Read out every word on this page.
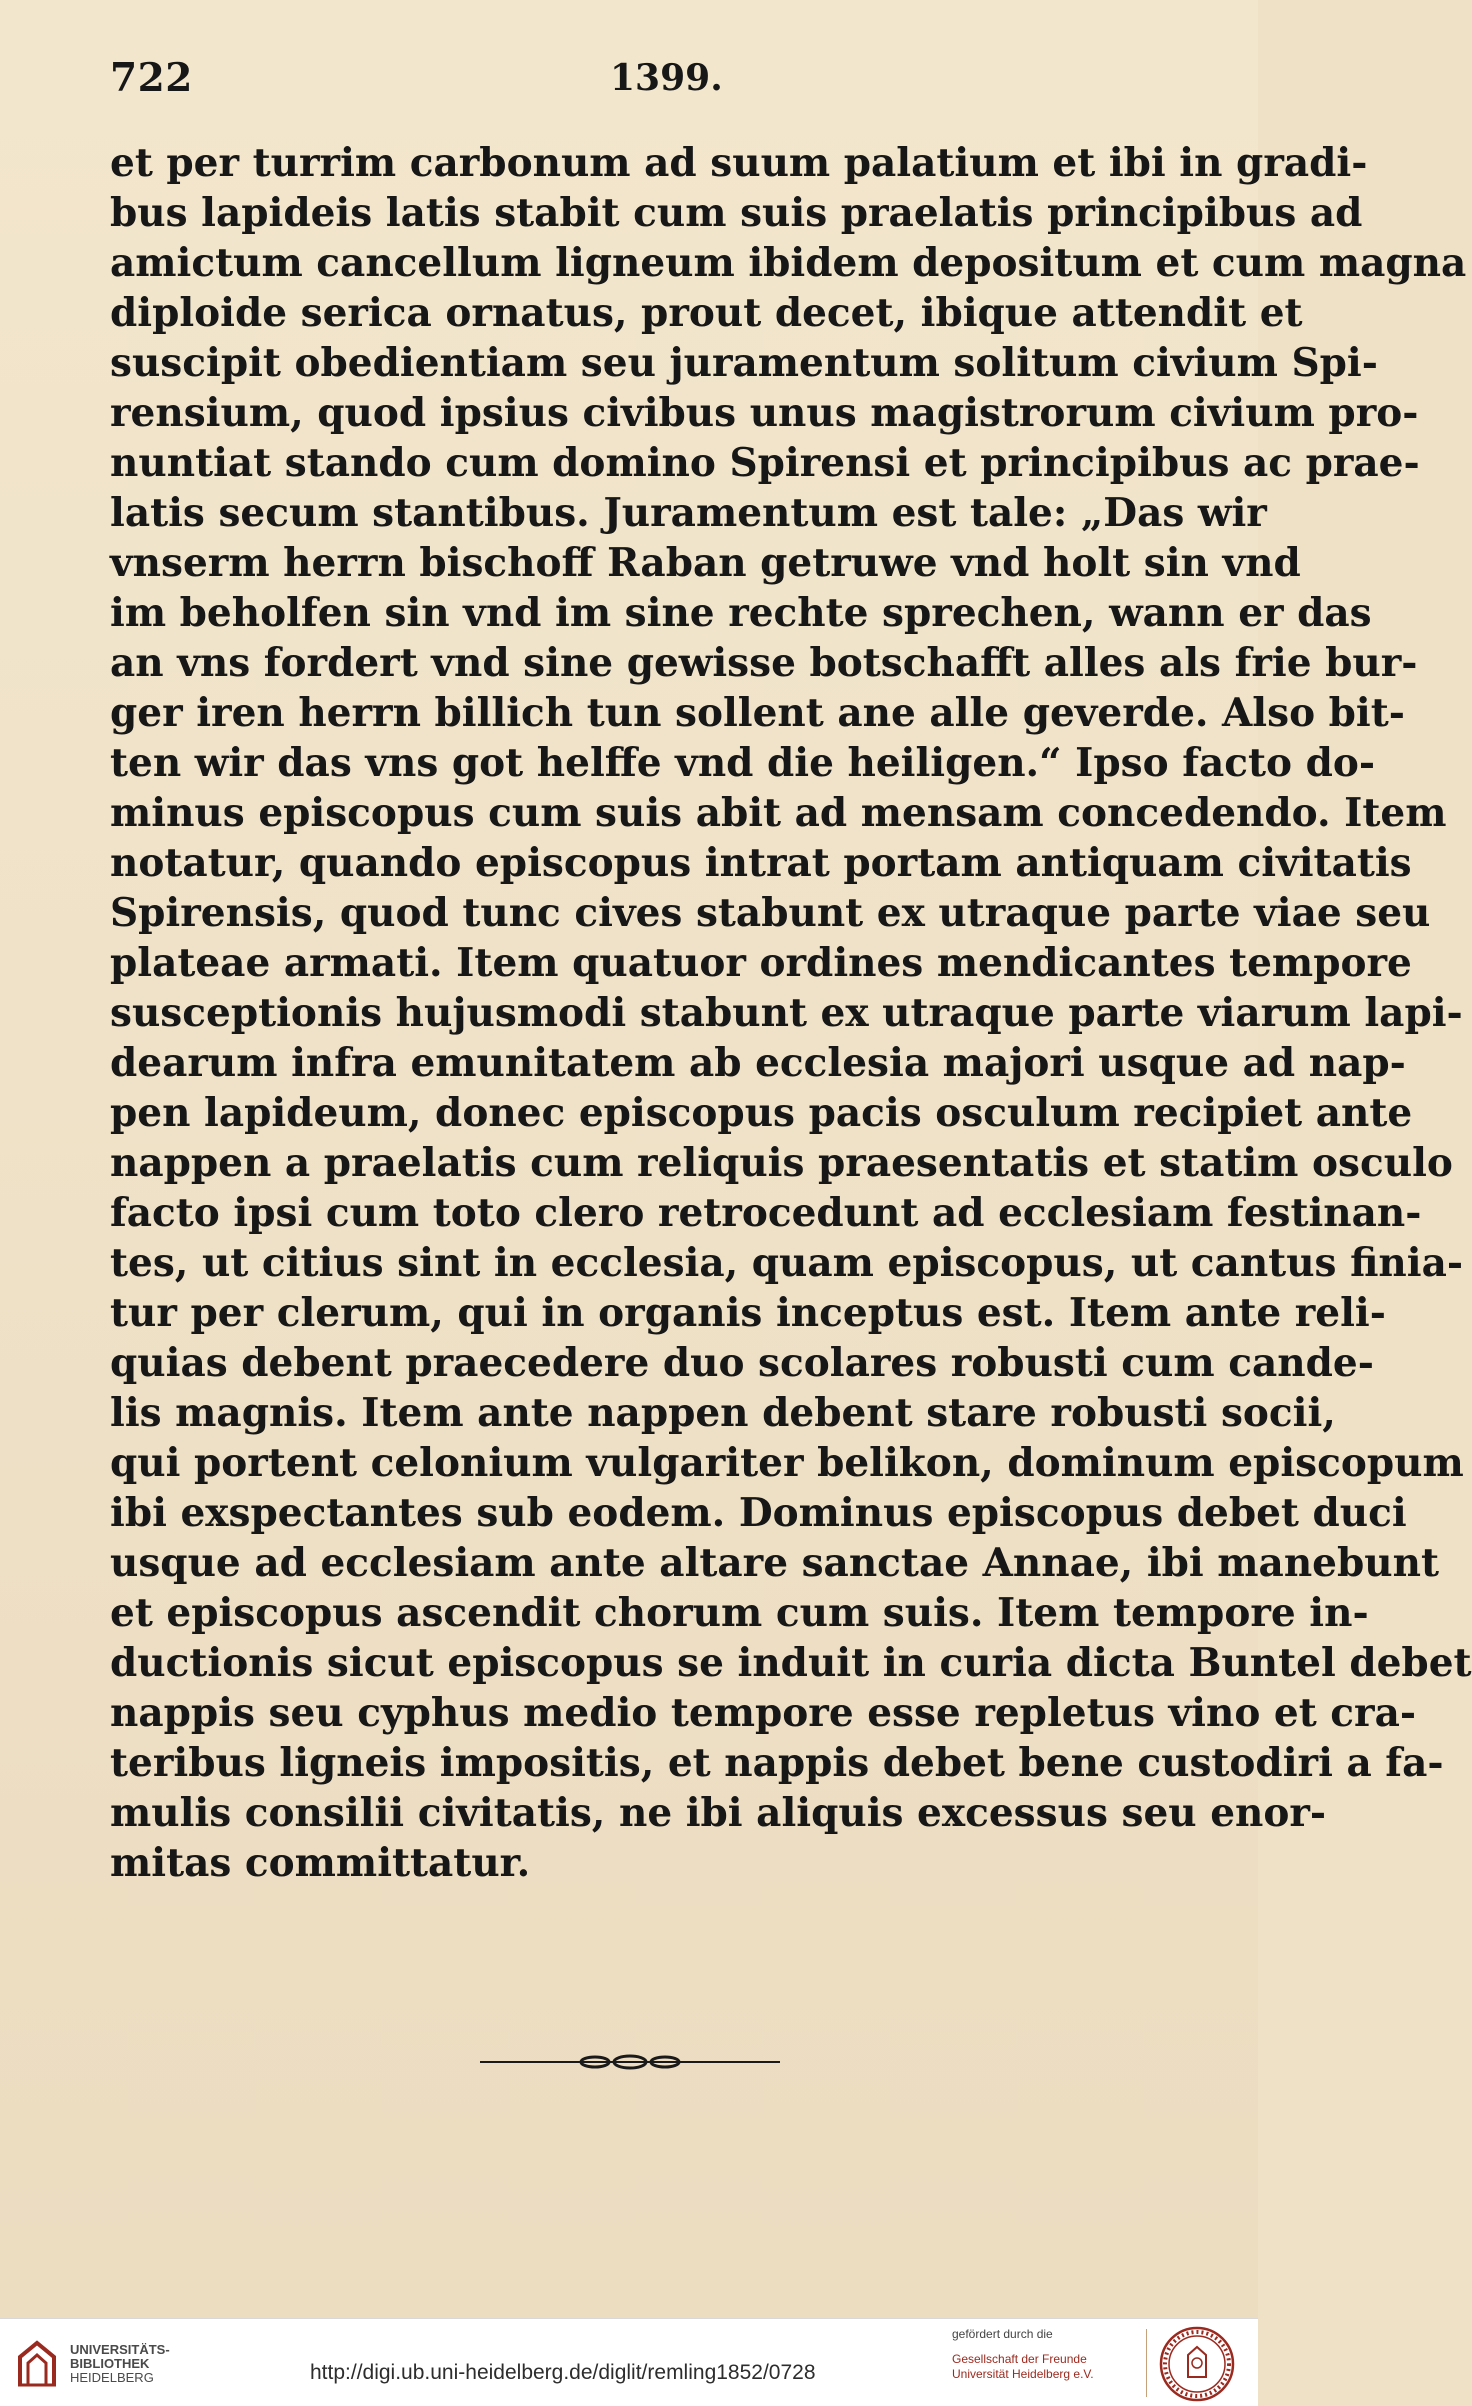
722	1399.
et per turrim carbonum ad suum palatium et ibi in gradi-
bus lapideis latis stabit cum suis praelatis principibus ad
amictum cancellum ligneum ibidem depositum et cum magna
diploide serica ornatus, prout decet, ibique attendit et
suscipit obedientiam seu juramentum solitum civium Spi-
rensium, quod ipsius civibus unus magistrorum civium pro-
nuntiat stando cum domino Spirensi et principibus ac prae-
latis secum stantibus. Juramentum est tale: „Das wir
vnserm herrn bischoff Raban getruwe vnd holt sin vnd
im beholfen sin vnd im sine rechte sprechen, wann er das
an vns fordert vnd sine gewisse botschafft alles als frie bur-
ger iren herrn billich tun sollent ane alle geverde. Also bit-
ten wir das vns got helffe vnd die heiligen.“ Ipso facto do-
minus episcopus cum suis abit ad mensam concedendo. Item
notatur, quando episcopus intrat portam antiquam civitatis
Spirensis, quod tunc cives stabunt ex utraque parte viae seu
plateae armati. Item quatuor ordines mendicantes tempore
susceptionis hujusmodi stabunt ex utraque parte viarum lapi-
dearum infra emunitatem ab ecclesia majori usque ad nap-
pen lapideum, donec episcopus pacis osculum recipiet ante
nappen a praelatis cum reliquis praesentatis et statim osculo
facto ipsi cum toto clero retrocedunt ad ecclesiam festinan-
tes, ut citius sint in ecclesia, quam episcopus, ut cantus finia-
tur per clerum, qui in organis inceptus est. Item ante reli-
quias debent praecedere duo scolares robusti cum cande-
lis magnis. Item ante nappen debent stare robusti socii,
qui portent celonium vulgariter belikon, dominum episcopum
ibi exspectantes sub eodem. Dominus episcopus debet duci
usque ad ecclesiam ante altare sanctae Annae, ibi manebunt
et episcopus ascendit chorum cum suis. Item tempore in-
ductionis sicut episcopus se induit in curia dicta Buntel debet
nappis seu cyphus medio tempore esse repletus vino et cra-
teribus ligneis impositis, et nappis debet bene custodiri a fa-
mulis consilii civitatis, ne ibi aliquis excessus seu enor-
mitas committatur.
UNIVERSITÄTS-
BIBLIOTHEK
HEIDELBERG	http://digi.ub.uni-heidelberg.de/diglit/remling1852/0728
gefördert durch die
Gesellschaft der Freunde
Universität Heidelberg e.V.
